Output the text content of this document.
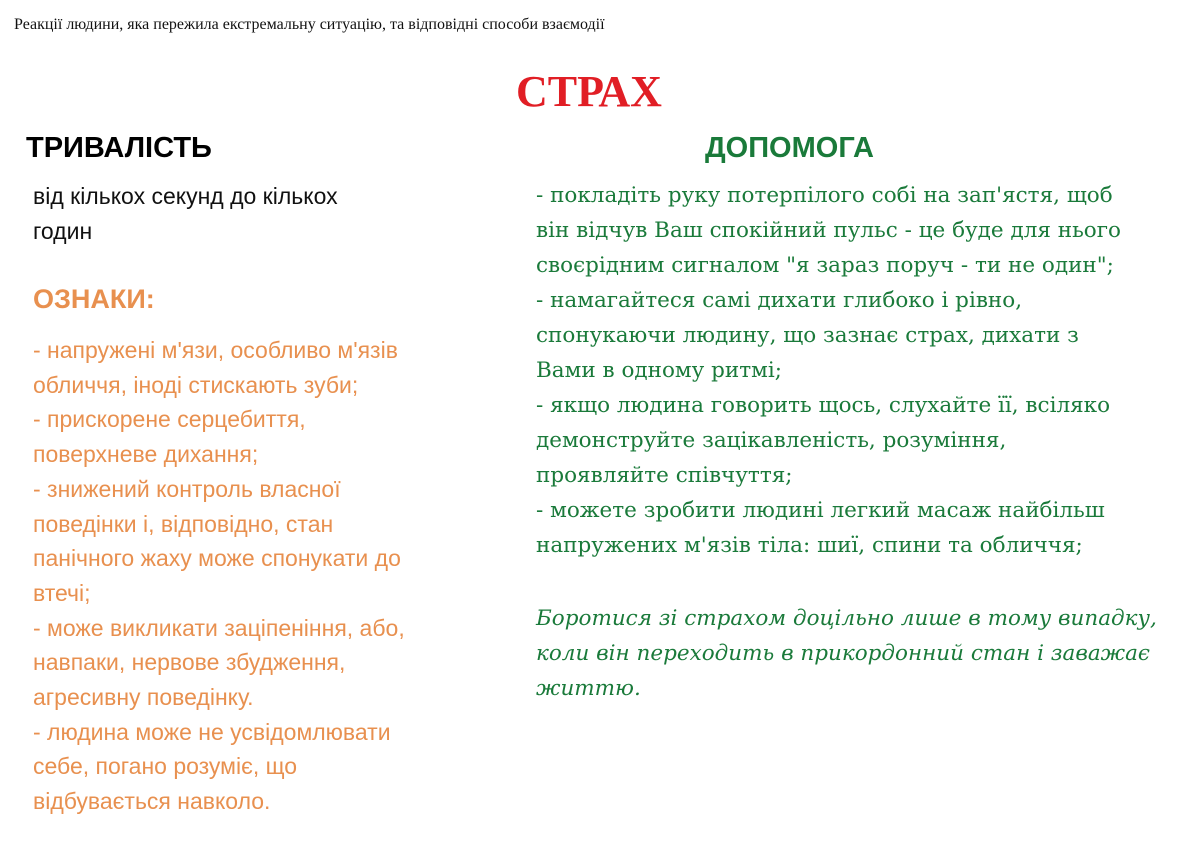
Реакції людини, яка пережила екстремальну ситуацію, та відповідні способи взаємодії
СТРАХ
ТРИВАЛІСТЬ	ДОПОМОГА
від кількох секунд до кількох
годин
ОЗНАКИ:
- напружені м'язи, особливо м'язів
обличчя, іноді стискають зуби;
- прискорене серцебиття,
поверхневе дихання;
- знижений контроль власної
поведінки і, відповідно, стан
панічного жаху може спонукати до
втечі;
- може викликати заціпеніння, або,
навпаки, нервове збудження,
агресивну поведінку.
- людина може не усвідомлювати
себе, погано розуміє, що
відбувається навколо.
- покладіть руку потерпілого собі на зап'ястя, щоб
він відчув Ваш спокійний пульс - це буде для нього
своєрідним сигналом "я зараз поруч - ти не один";
- намагайтеся самі дихати глибоко і рівно,
спонукаючи людину, що зазнає страх, дихати з
Вами в одному ритмі;
- якщо людина говорить щось, слухайте її, всіляко
демонструйте зацікавленість, розуміння,
проявляйте співчуття;
- можете зробити людині легкий масаж найбільш
напружених м'язів тіла: шиї, спини та обличчя;
Боротися зі страхом доцільно лише в тому випадку,
коли він переходить в прикордонний стан і заважає
життю.
